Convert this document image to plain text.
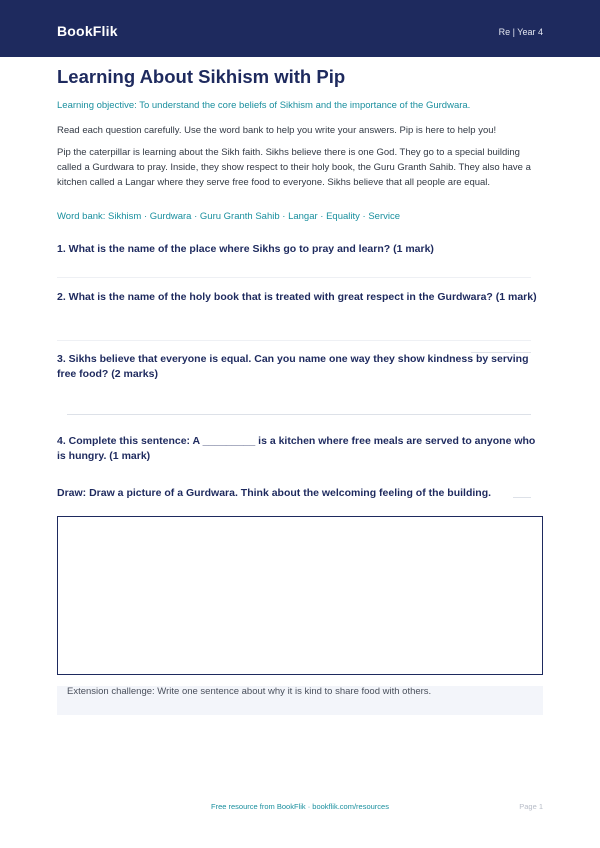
BookFlik	Re | Year 4
Learning About Sikhism with Pip
Learning objective: To understand the core beliefs of Sikhism and the importance of the Gurdwara.
Read each question carefully. Use the word bank to help you write your answers. Pip is here to help you!
Pip the caterpillar is learning about the Sikh faith. Sikhs believe there is one God. They go to a special building called a Gurdwara to pray. Inside, they show respect to their holy book, the Guru Granth Sahib. They also have a kitchen called a Langar where they serve free food to everyone. Sikhs believe that all people are equal.
Word bank: Sikhism · Gurdwara · Guru Granth Sahib · Langar · Equality · Service
1. What is the name of the place where Sikhs go to pray and learn? (1 mark)
2. What is the name of the holy book that is treated with great respect in the Gurdwara? (1 mark)
3. Sikhs believe that everyone is equal. Can you name one way they show kindness by serving free food? (2 marks)
4. Complete this sentence: A _________ is a kitchen where free meals are served to anyone who is hungry. (1 mark)
Draw: Draw a picture of a Gurdwara. Think about the welcoming feeling of the building.
Extension challenge: Write one sentence about why it is kind to share food with others.
Free resource from BookFlik · bookflik.com/resources	Page 1
